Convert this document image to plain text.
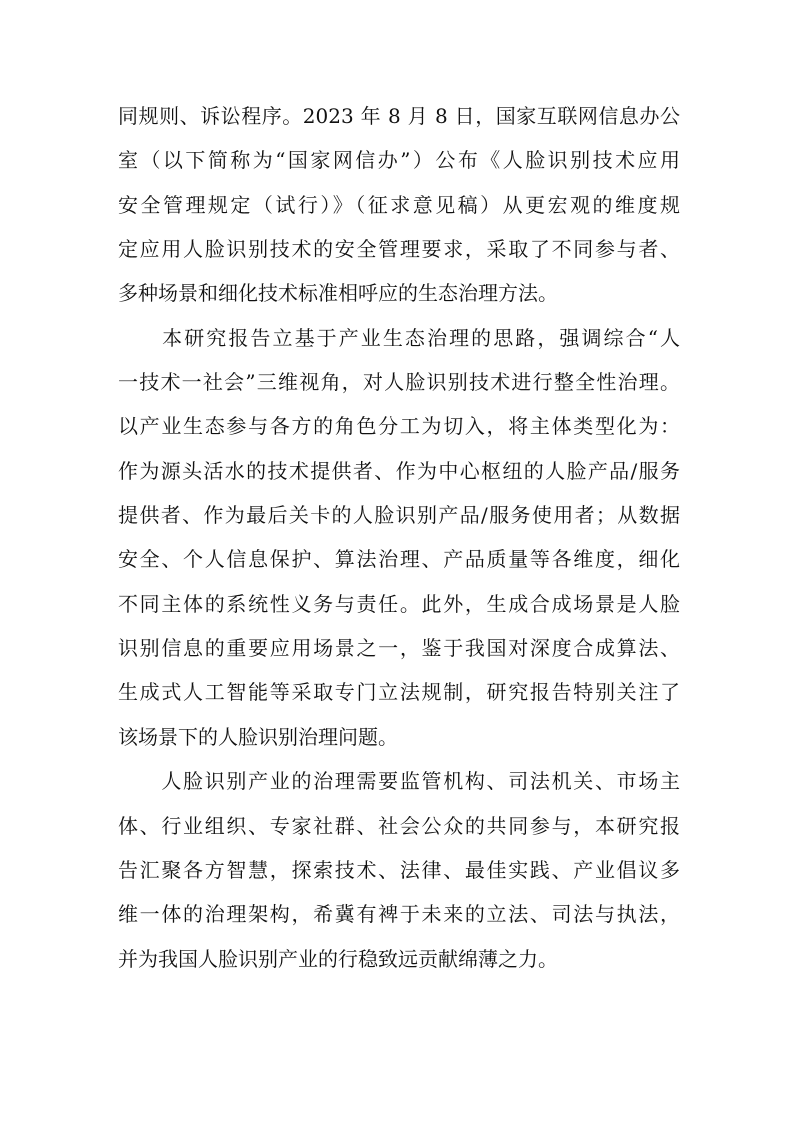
同规则、诉讼程序。2023 年 8 月 8 日，国家互联网信息办公
室（以下简称为“国家网信办”）公布《人脸识别技术应用
安全管理规定（试行）》（征求意见稿）从更宏观的维度规
定应用人脸识别技术的安全管理要求，采取了不同参与者、
多种场景和细化技术标准相呼应的生态治理方法。
　　本研究报告立基于产业生态治理的思路，强调综合“人
一技术一社会”三维视角，对人脸识别技术进行整全性治理。
以产业生态参与各方的角色分工为切入，将主体类型化为：
作为源头活水的技术提供者、作为中心枢纽的人脸产品/服务
提供者、作为最后关卡的人脸识别产品/服务使用者；从数据
安全、个人信息保护、算法治理、产品质量等各维度，细化
不同主体的系统性义务与责任。此外，生成合成场景是人脸
识别信息的重要应用场景之一，鉴于我国对深度合成算法、
生成式人工智能等采取专门立法规制，研究报告特别关注了
该场景下的人脸识别治理问题。
　　人脸识别产业的治理需要监管机构、司法机关、市场主
体、行业组织、专家社群、社会公众的共同参与，本研究报
告汇聚各方智慧，探索技术、法律、最佳实践、产业倡议多
维一体的治理架构，希冀有裨于未来的立法、司法与执法，
并为我国人脸识别产业的行稳致远贡献绵薄之力。
